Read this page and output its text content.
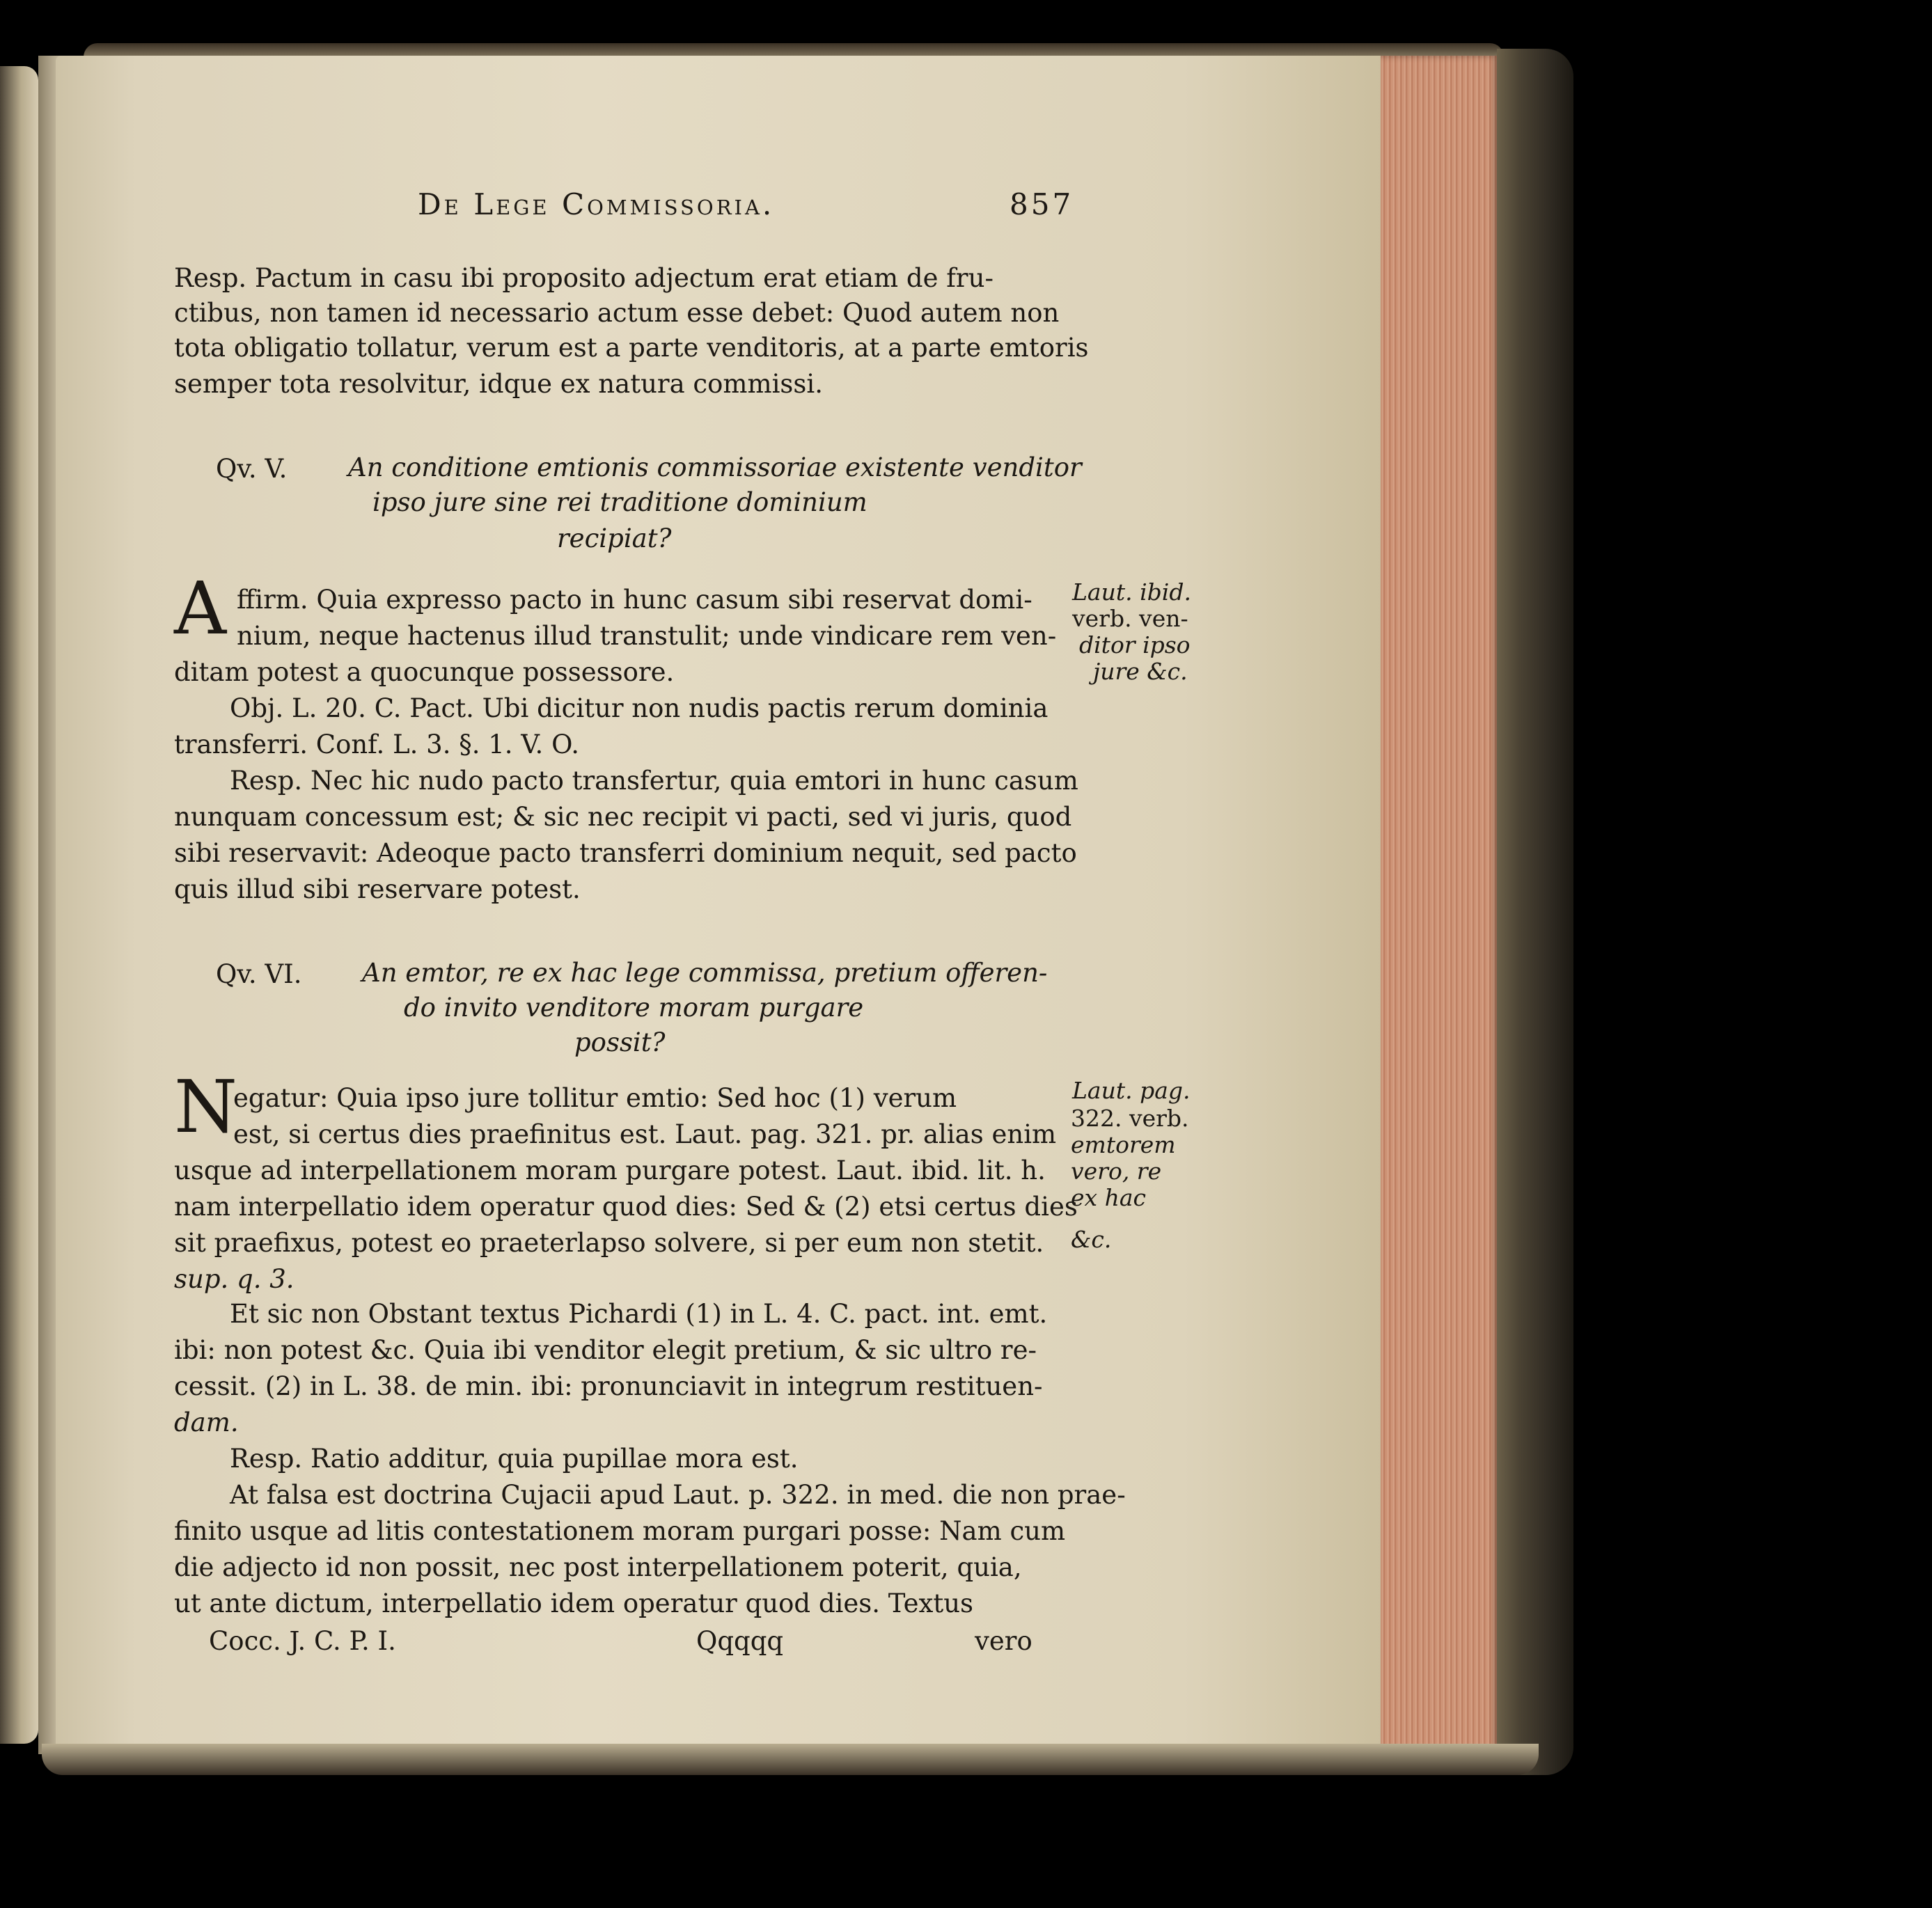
De Lege Commissoria.	857
Resp. Pactum in casu ibi proposito adjectum erat etiam de fru-
ctibus, non tamen id necessario actum esse debet: Quod autem non
tota obligatio tollatur, verum est a parte venditoris, at a parte emtoris
semper tota resolvitur, idque ex natura commissi.
Qv. V. An conditione emtionis commissoriae existente venditor
ipso jure sine rei traditione dominium
recipiat?
A ffirm. Quia expresso pacto in hunc casum sibi reservat domi-
nium, neque hactenus illud transtulit; unde vindicare rem ven-
ditam potest a quocunque possessore.
Obj. L. 20. C. Pact. Ubi dicitur non nudis pactis rerum dominia
transferri. Conf. L. 3. §. 1. V. O.
Resp. Nec hic nudo pacto transfertur, quia emtori in hunc casum
nunquam concessum est; & sic nec recipit vi pacti, sed vi juris, quod
sibi reservavit: Adeoque pacto transferri dominium nequit, sed pacto
quis illud sibi reservare potest.
Qv. VI. An emtor, re ex hac lege commissa, pretium offeren-
do invito venditore moram purgare
possit?
N
egatur: Quia ipso jure tollitur emtio: Sed hoc (1) verum
est, si certus dies praefinitus est. Laut. pag. 321. pr. alias enim
usque ad interpellationem moram purgare potest. Laut. ibid. lit. h.
nam interpellatio idem operatur quod dies: Sed & (2) etsi certus dies
sit praefixus, potest eo praeterlapso solvere, si per eum non stetit.
sup. q. 3.
Et sic non Obstant textus Pichardi (1) in L. 4. C. pact. int. emt.
ibi: non potest &c. Quia ibi venditor elegit pretium, & sic ultro re-
cessit. (2) in L. 38. de min. ibi: pronunciavit in integrum restituen-
dam.
Resp. Ratio additur, quia pupillae mora est.
At falsa est doctrina Cujacii apud Laut. p. 322. in med. die non prae-
finito usque ad litis contestationem moram purgari posse: Nam cum
die adjecto id non possit, nec post interpellationem poterit, quia,
ut ante dictum, interpellatio idem operatur quod dies. Textus
Cocc. J. C. P. I.	Qqqqq	vero
Laut. ibid.
verb. ven-
ditor ipso
jure &c.
Laut. pag.
322. verb.
emtorem
vero, re
ex hac
&c.
